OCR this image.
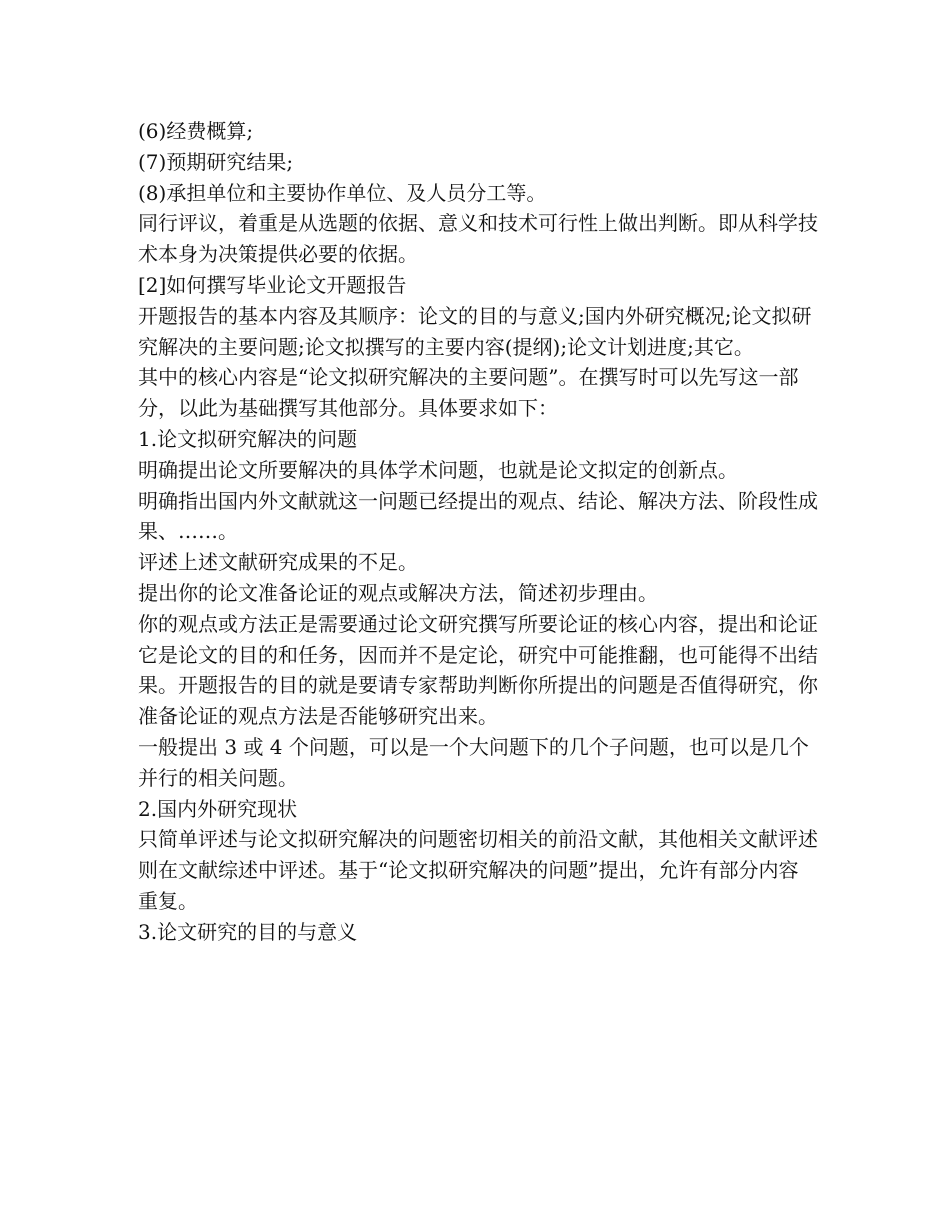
(6)经费概算;

(7)预期研究结果;

(8)承担单位和主要协作单位、及人员分工等。

同行评议，着重是从选题的依据、意义和技术可行性上做出判断。即从科学技术本身为决策提供必要的依据。

[2]如何撰写毕业论文开题报告

开题报告的基本内容及其顺序：论文的目的与意义;国内外研究概况;论文拟研究解决的主要问题;论文拟撰写的主要内容(提纲);论文计划进度;其它。

其中的核心内容是“论文拟研究解决的主要问题”。在撰写时可以先写这一部分，以此为基础撰写其他部分。具体要求如下：

1.论文拟研究解决的问题

明确提出论文所要解决的具体学术问题，也就是论文拟定的创新点。

明确指出国内外文献就这一问题已经提出的观点、结论、解决方法、阶段性成果、……。

评述上述文献研究成果的不足。

提出你的论文准备论证的观点或解决方法，简述初步理由。

你的观点或方法正是需要通过论文研究撰写所要论证的核心内容，提出和论证它是论文的目的和任务，因而并不是定论，研究中可能推翻，也可能得不出结果。开题报告的目的就是要请专家帮助判断你所提出的问题是否值得研究，你准备论证的观点方法是否能够研究出来。

一般提出 3 或 4 个问题，可以是一个大问题下的几个子问题，也可以是几个并行的相关问题。

2.国内外研究现状

只简单评述与论文拟研究解决的问题密切相关的前沿文献，其他相关文献评述则在文献综述中评述。基于“论文拟研究解决的问题”提出，允许有部分内容重复。

3.论文研究的目的与意义
